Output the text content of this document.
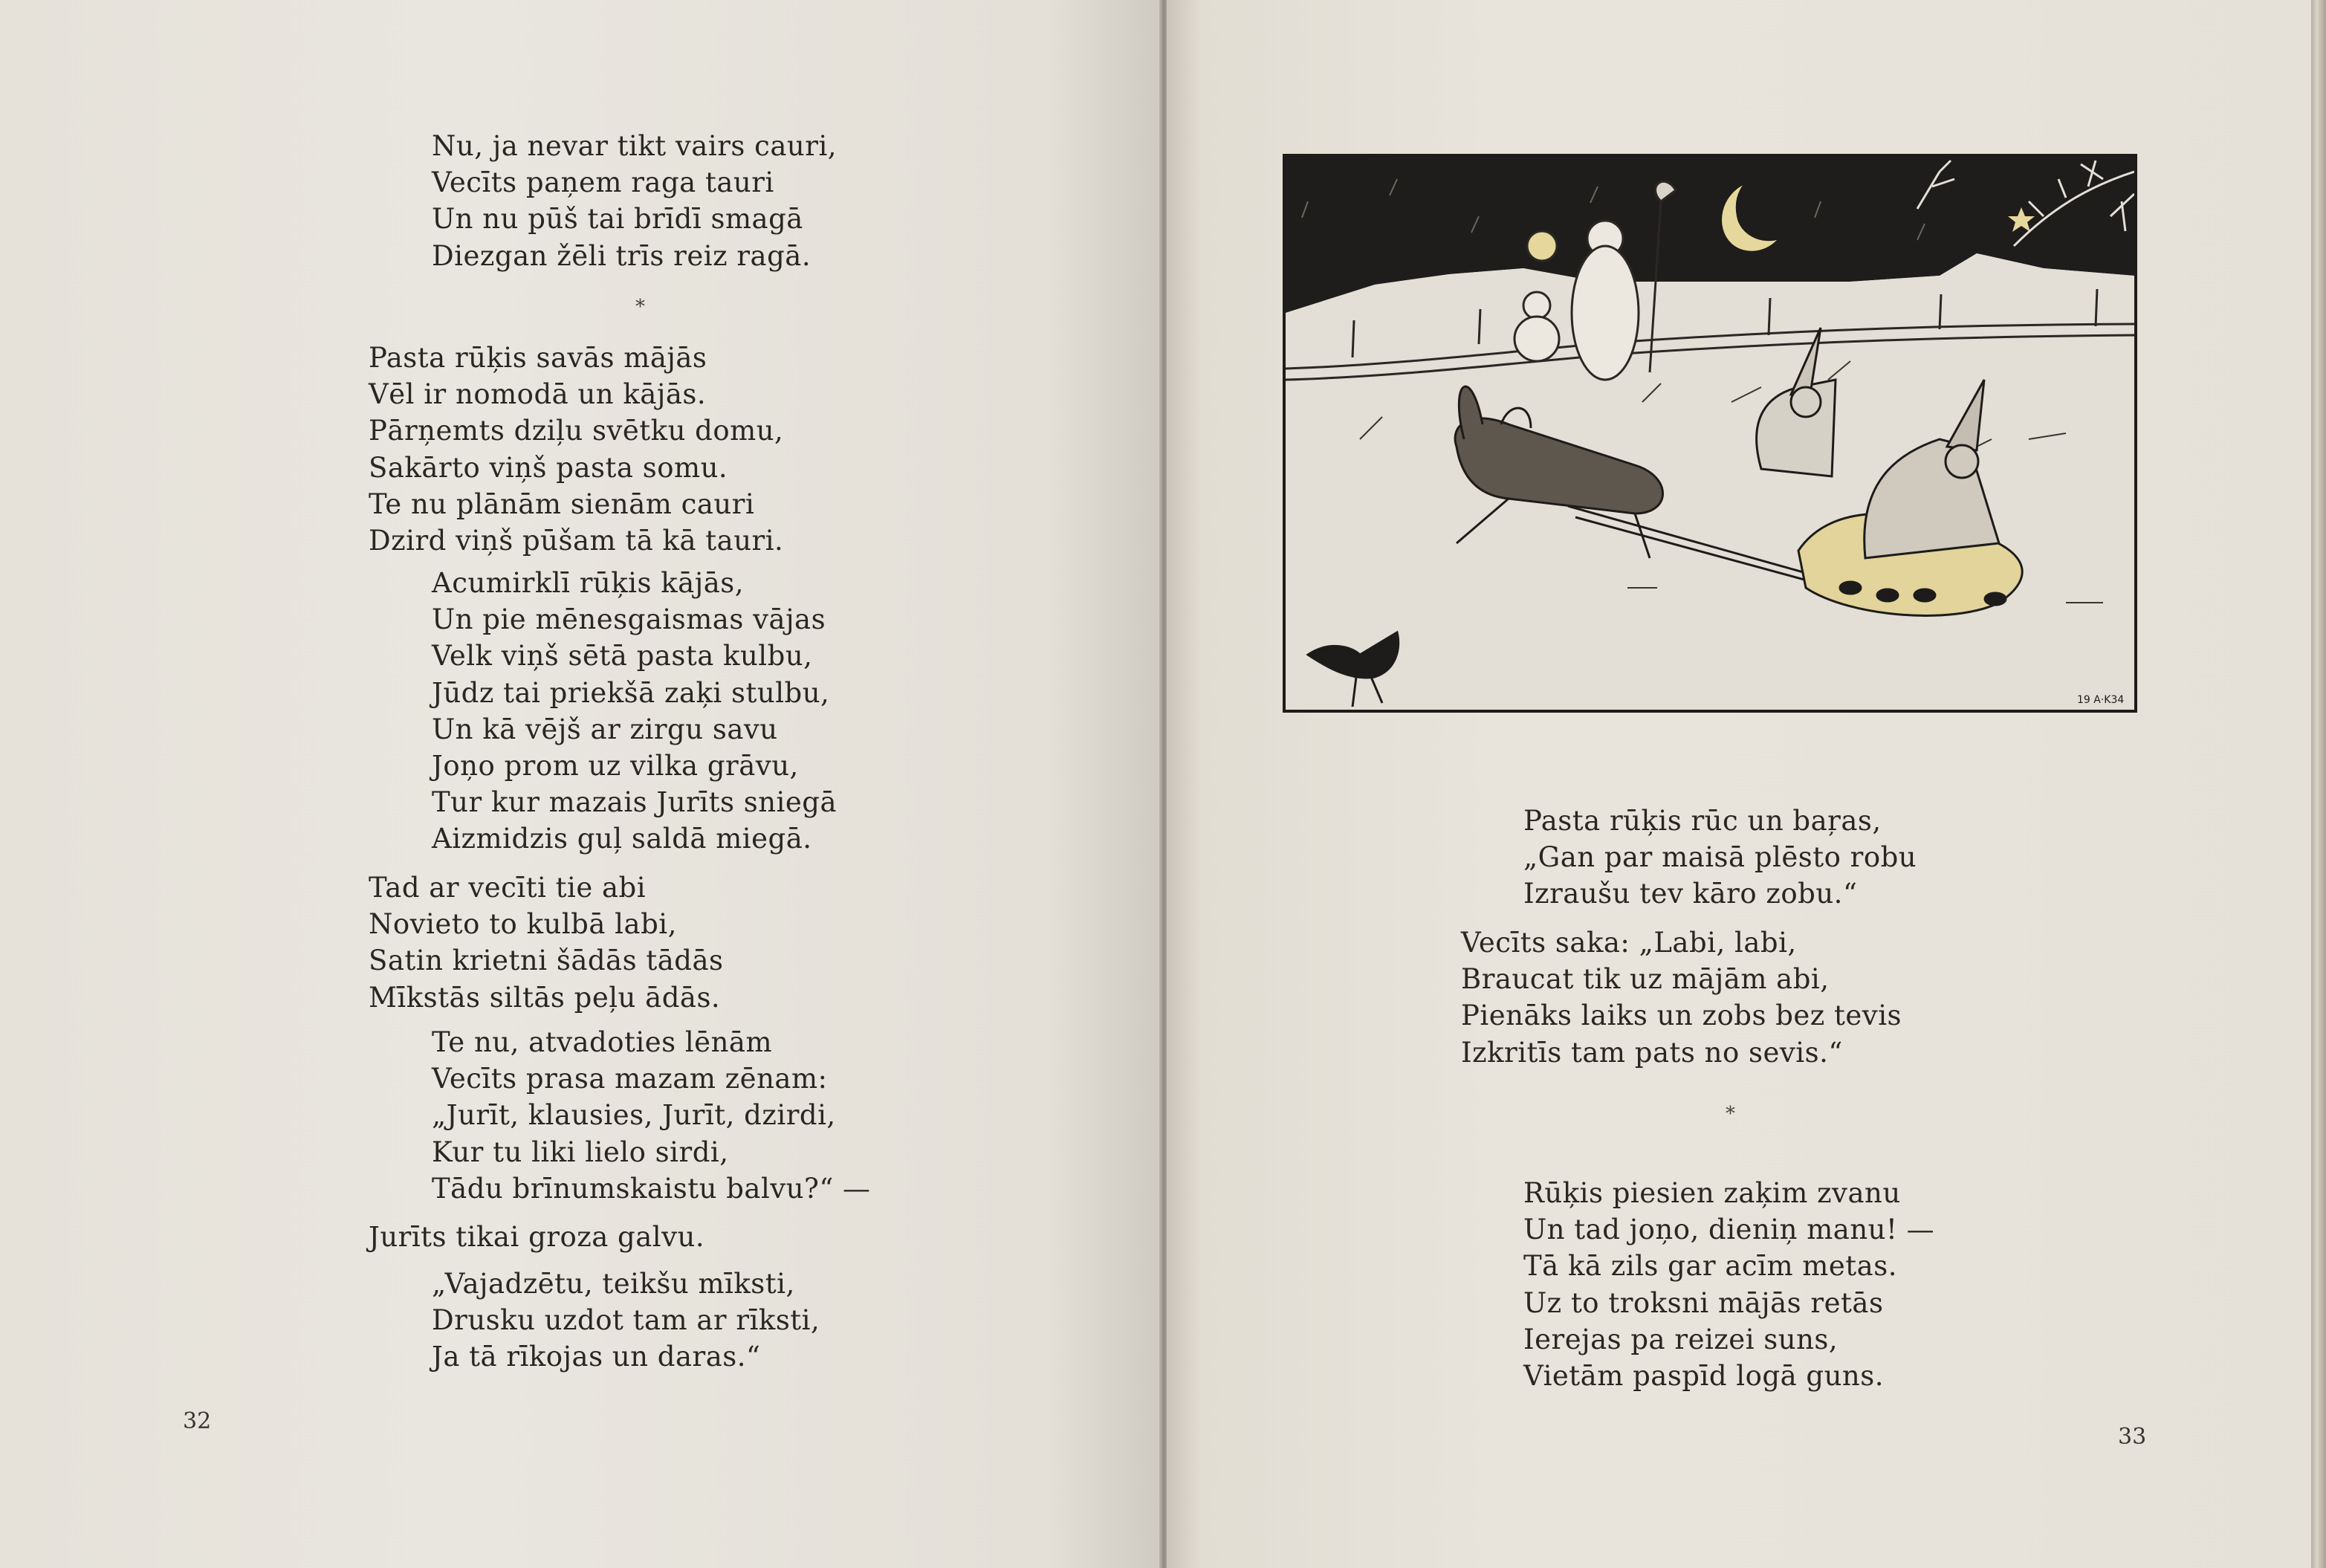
Nu, ja nevar tikt vairs cauri,
Vecīts paņem raga tauri
Un nu pūš tai brīdī smagā
Diezgan žēli trīs reiz ragā.
*
Pasta rūķis savās mājās
Vēl ir nomodā un kājās.
Pārņemts dziļu svētku domu,
Sakārto viņš pasta somu.
Te nu plānām sienām cauri
Dzird viņš pūšam tā kā tauri.
Acumirklī rūķis kājās,
Un pie mēnesgaismas vājas
Velk viņš sētā pasta kulbu,
Jūdz tai priekšā zaķi stulbu,
Un kā vējš ar zirgu savu
Joņo prom uz vilka grāvu,
Tur kur mazais Jurīts sniegā
Aizmidzis guļ saldā miegā.
Tad ar vecīti tie abi
Novieto to kulbā labi,
Satin krietni šādās tādās
Mīkstās siltās peļu ādās.
Te nu, atvadoties lēnām
Vecīts prasa mazam zēnam:
„Jurīt, klausies, Jurīt, dzirdi,
Kur tu liki lielo sirdi,
Tādu brīnumskaistu balvu?“ —
Jurīts tikai groza galvu.
„Vajadzētu, teikšu mīksti,
Drusku uzdot tam ar rīksti,
Ja tā rīkojas un daras.“
32
Pasta rūķis rūc un baŗas,
„Gan par maisā plēsto robu
Izraušu tev kāro zobu.“
Vecīts saka: „Labi, labi,
Braucat tik uz mājām abi,
Pienāks laiks un zobs bez tevis
Izkritīs tam pats no sevis.“
*
Rūķis piesien zaķim zvanu
Un tad joņo, dieniņ manu! —
Tā kā zils gar acīm metas.
Uz to troksni mājās retās
Ierejas pa reizei suns,
Vietām paspīd logā guns.
33
19 A·K34
